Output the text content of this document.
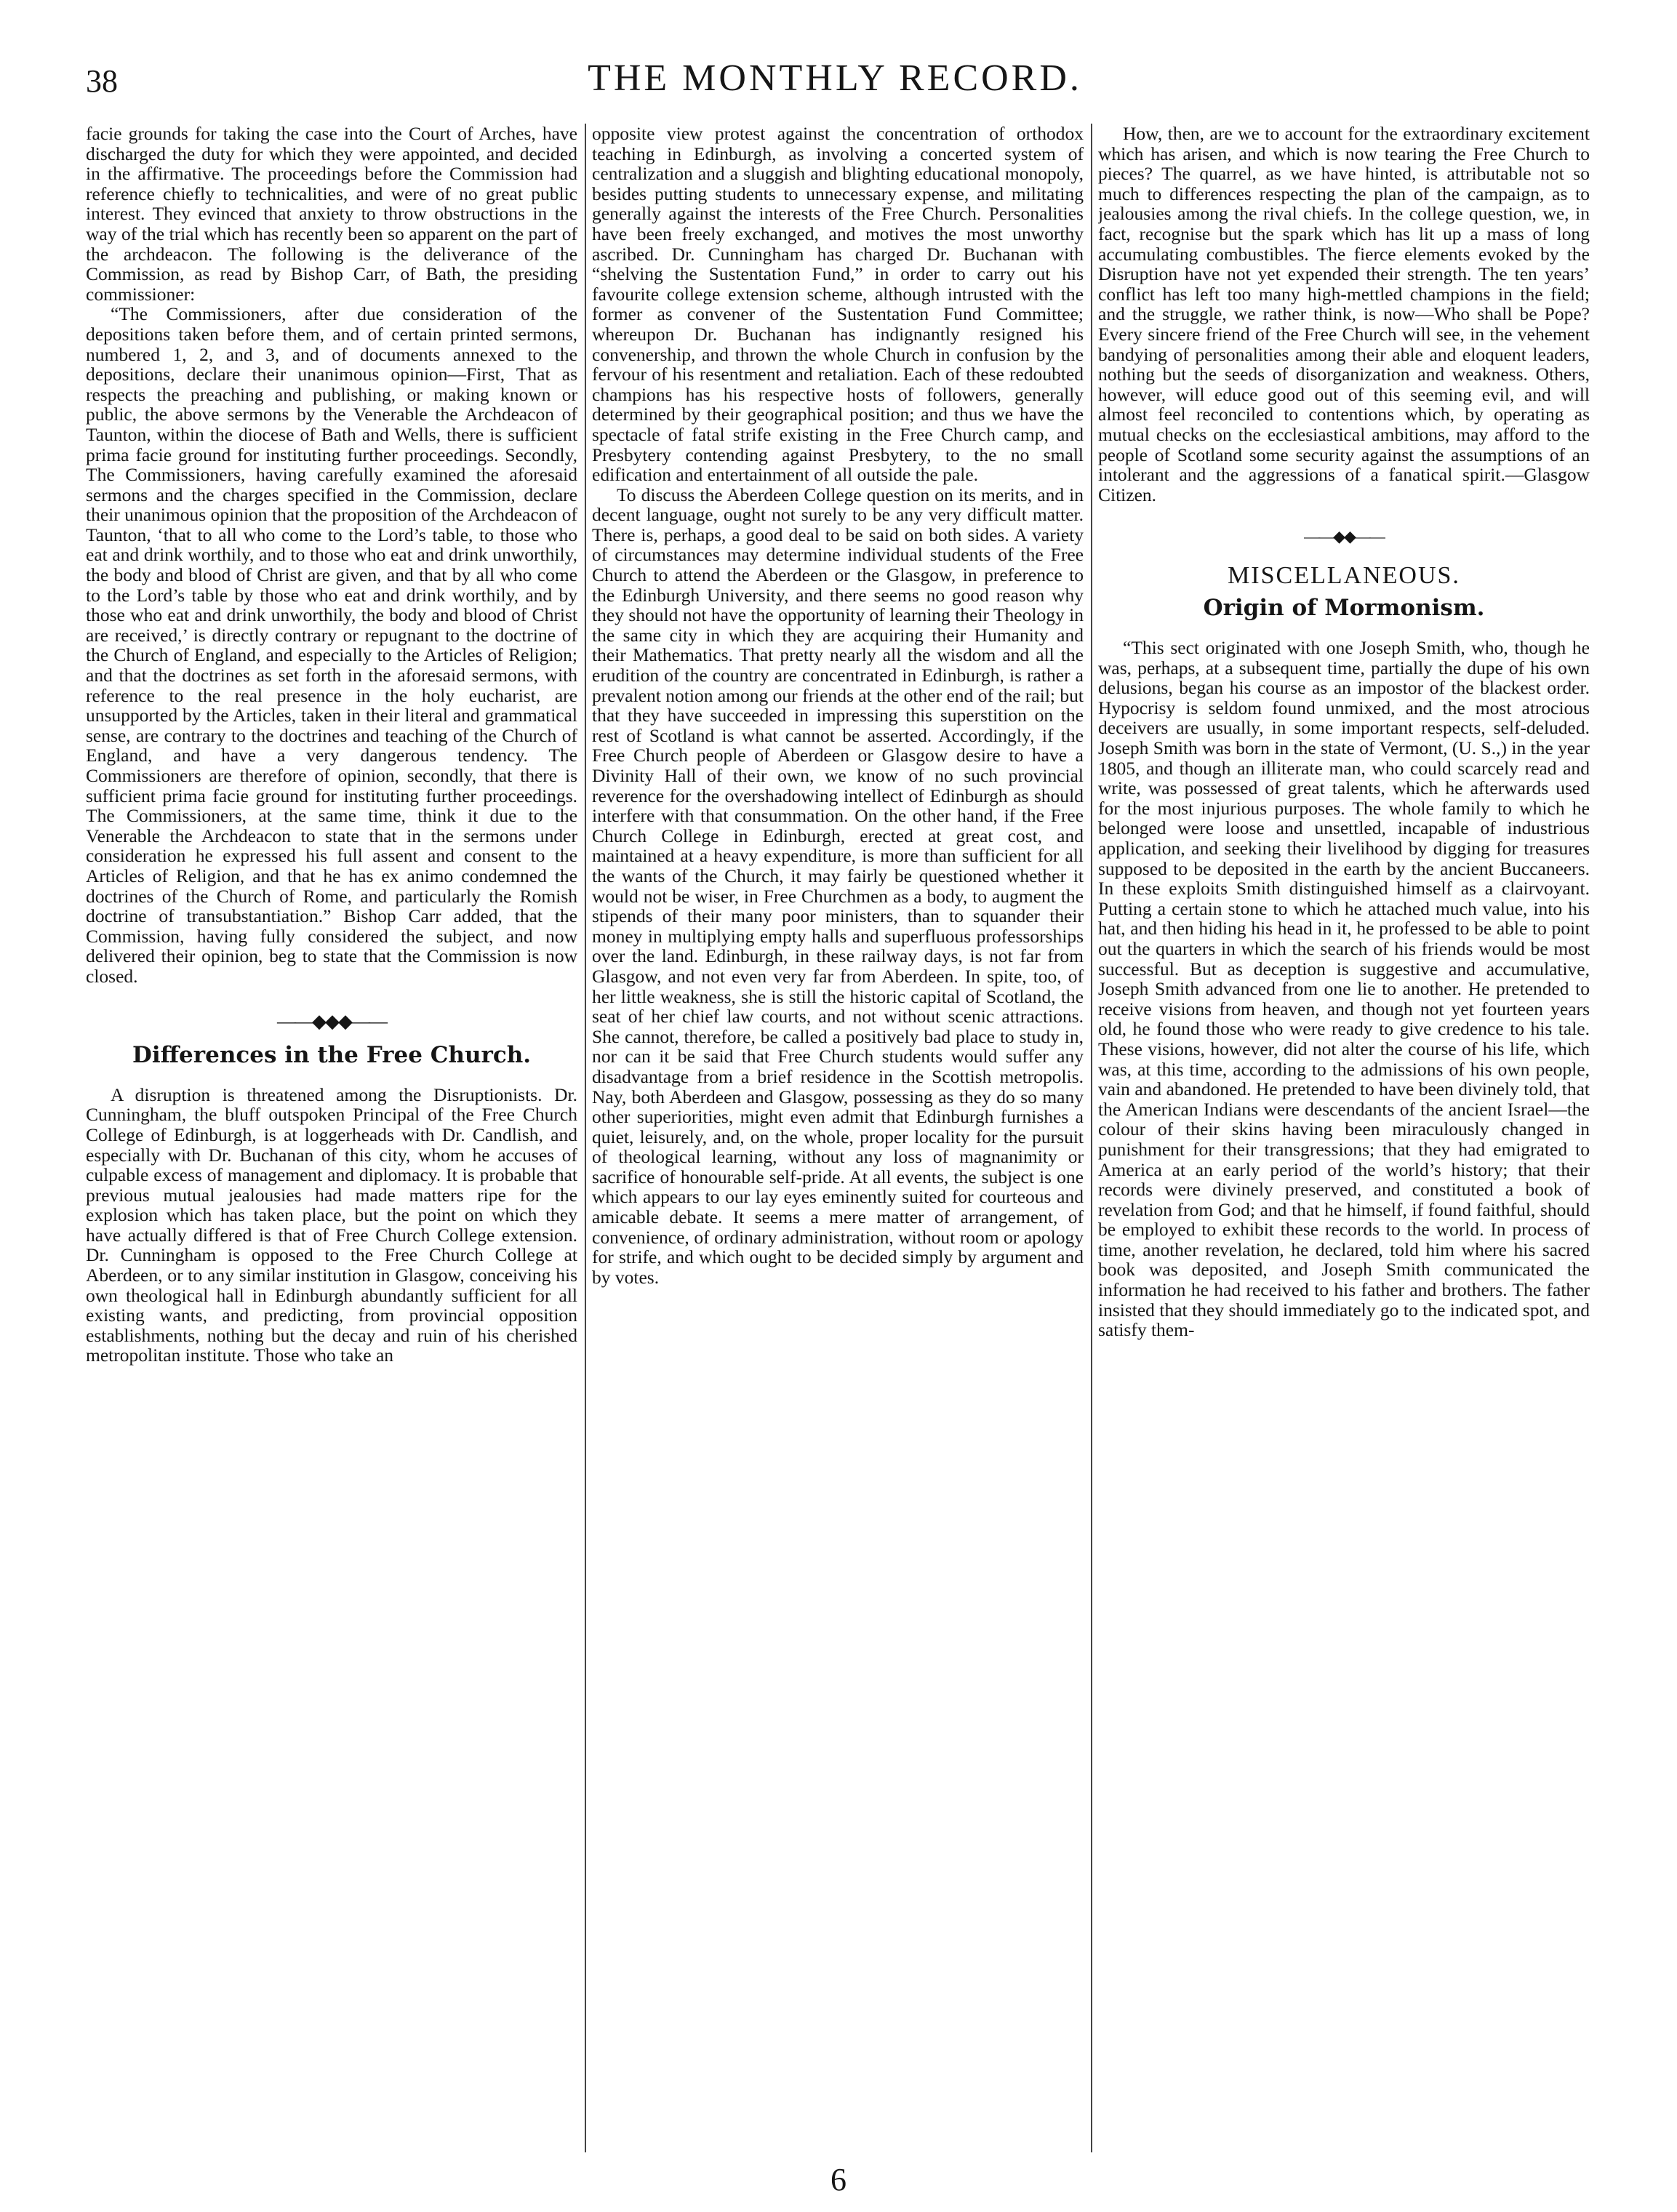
38	THE MONTHLY RECORD.

facie grounds for taking the case into the Court of Arches, have discharged the duty for which they were appointed, and decided in the affirmative. The proceedings before the Commission had reference chiefly to technicalities, and were of no great public interest. They evinced that anxiety to throw obstructions in the way of the trial which has recently been so apparent on the part of the archdeacon. The following is the deliverance of the Commission, as read by Bishop Carr, of Bath, the presiding commissioner:

“The Commissioners, after due consideration of the depositions taken before them, and of certain printed sermons, numbered 1, 2, and 3, and of documents annexed to the depositions, declare their unanimous opinion—First, That as respects the preaching and publishing, or making known or public, the above sermons by the Venerable the Archdeacon of Taunton, within the diocese of Bath and Wells, there is sufficient prima facie ground for instituting further proceedings. Secondly, The Commissioners, having carefully examined the aforesaid sermons and the charges specified in the Commission, declare their unanimous opinion that the proposition of the Archdeacon of Taunton, ‘that to all who come to the Lord’s table, to those who eat and drink worthily, and to those who eat and drink unworthily, the body and blood of Christ are given, and that by all who come to the Lord’s table by those who eat and drink worthily, and by those who eat and drink unworthily, the body and blood of Christ are received,’ is directly contrary or repugnant to the doctrine of the Church of England, and especially to the Articles of Religion; and that the doctrines as set forth in the aforesaid sermons, with reference to the real presence in the holy eucharist, are unsupported by the Articles, taken in their literal and grammatical sense, are contrary to the doctrines and teaching of the Church of England, and have a very dangerous tendency. The Commissioners are therefore of opinion, secondly, that there is sufficient prima facie ground for instituting further proceedings. The Commissioners, at the same time, think it due to the Venerable the Archdeacon to state that in the sermons under consideration he expressed his full assent and consent to the Articles of Religion, and that he has ex animo condemned the doctrines of the Church of Rome, and particularly the Romish doctrine of transubstantiation.” Bishop Carr added, that the Commission, having fully considered the subject, and now delivered their opinion, beg to state that the Commission is now closed.

——◆◆◆——
Differences in the Free Church.

A disruption is threatened among the Disruptionists. Dr. Cunningham, the bluff outspoken Principal of the Free Church College of Edinburgh, is at loggerheads with Dr. Candlish, and especially with Dr. Buchanan of this city, whom he accuses of culpable excess of management and diplomacy. It is probable that previous mutual jealousies had made matters ripe for the explosion which has taken place, but the point on which they have actually differed is that of Free Church College extension. Dr. Cunningham is opposed to the Free Church College at Aberdeen, or to any similar institution in Glasgow, conceiving his own theological hall in Edinburgh abundantly sufficient for all existing wants, and predicting, from provincial opposition establishments, nothing but the decay and ruin of his cherished metropolitan institute. Those who take an

opposite view protest against the concentration of orthodox teaching in Edinburgh, as involving a concerted system of centralization and a sluggish and blighting educational monopoly, besides putting students to unnecessary expense, and militating generally against the interests of the Free Church. Personalities have been freely exchanged, and motives the most unworthy ascribed. Dr. Cunningham has charged Dr. Buchanan with “shelving the Sustentation Fund,” in order to carry out his favourite college extension scheme, although intrusted with the former as convener of the Sustentation Fund Committee; whereupon Dr. Buchanan has indignantly resigned his convenership, and thrown the whole Church in confusion by the fervour of his resentment and retaliation. Each of these redoubted champions has his respective hosts of followers, generally determined by their geographical position; and thus we have the spectacle of fatal strife existing in the Free Church camp, and Presbytery contending against Presbytery, to the no small edification and entertainment of all outside the pale.

To discuss the Aberdeen College question on its merits, and in decent language, ought not surely to be any very difficult matter. There is, perhaps, a good deal to be said on both sides. A variety of circumstances may determine individual students of the Free Church to attend the Aberdeen or the Glasgow, in preference to the Edinburgh University, and there seems no good reason why they should not have the opportunity of learning their Theology in the same city in which they are acquiring their Humanity and their Mathematics. That pretty nearly all the wisdom and all the erudition of the country are concentrated in Edinburgh, is rather a prevalent notion among our friends at the other end of the rail; but that they have succeeded in impressing this superstition on the rest of Scotland is what cannot be asserted. Accordingly, if the Free Church people of Aberdeen or Glasgow desire to have a Divinity Hall of their own, we know of no such provincial reverence for the overshadowing intellect of Edinburgh as should interfere with that consummation. On the other hand, if the Free Church College in Edinburgh, erected at great cost, and maintained at a heavy expenditure, is more than sufficient for all the wants of the Church, it may fairly be questioned whether it would not be wiser, in Free Churchmen as a body, to augment the stipends of their many poor ministers, than to squander their money in multiplying empty halls and superfluous professorships over the land. Edinburgh, in these railway days, is not far from Glasgow, and not even very far from Aberdeen. In spite, too, of her little weakness, she is still the historic capital of Scotland, the seat of her chief law courts, and not without scenic attractions. She cannot, therefore, be called a positively bad place to study in, nor can it be said that Free Church students would suffer any disadvantage from a brief residence in the Scottish metropolis. Nay, both Aberdeen and Glasgow, possessing as they do so many other superiorities, might even admit that Edinburgh furnishes a quiet, leisurely, and, on the whole, proper locality for the pursuit of theological learning, without any loss of magnanimity or sacrifice of honourable self-pride. At all events, the subject is one which appears to our lay eyes eminently suited for courteous and amicable debate. It seems a mere matter of arrangement, of convenience, of ordinary administration, without room or apology for strife, and which ought to be decided simply by argument and by votes.

How, then, are we to account for the extraordinary excitement which has arisen, and which is now tearing the Free Church to pieces? The quarrel, as we have hinted, is attributable not so much to differences respecting the plan of the campaign, as to jealousies among the rival chiefs. In the college question, we, in fact, recognise but the spark which has lit up a mass of long accumulating combustibles. The fierce elements evoked by the Disruption have not yet expended their strength. The ten years’ conflict has left too many high-mettled champions in the field; and the struggle, we rather think, is now—Who shall be Pope? Every sincere friend of the Free Church will see, in the vehement bandying of personalities among their able and eloquent leaders, nothing but the seeds of disorganization and weakness. Others, however, will educe good out of this seeming evil, and will almost feel reconciled to contentions which, by operating as mutual checks on the ecclesiastical ambitions, may afford to the people of Scotland some security against the assumptions of an intolerant and the aggressions of a fanatical spirit.—Glasgow Citizen.

——◆◆——
MISCELLANEOUS.
Origin of Mormonism.

“This sect originated with one Joseph Smith, who, though he was, perhaps, at a subsequent time, partially the dupe of his own delusions, began his course as an impostor of the blackest order. Hypocrisy is seldom found unmixed, and the most atrocious deceivers are usually, in some important respects, self-deluded. Joseph Smith was born in the state of Vermont, (U. S.,) in the year 1805, and though an illiterate man, who could scarcely read and write, was possessed of great talents, which he afterwards used for the most injurious purposes. The whole family to which he belonged were loose and unsettled, incapable of industrious application, and seeking their livelihood by digging for treasures supposed to be deposited in the earth by the ancient Buccaneers. In these exploits Smith distinguished himself as a clairvoyant. Putting a certain stone to which he attached much value, into his hat, and then hiding his head in it, he professed to be able to point out the quarters in which the search of his friends would be most successful. But as deception is suggestive and accumulative, Joseph Smith advanced from one lie to another. He pretended to receive visions from heaven, and though not yet fourteen years old, he found those who were ready to give credence to his tale. These visions, however, did not alter the course of his life, which was, at this time, according to the admissions of his own people, vain and abandoned. He pretended to have been divinely told, that the American Indians were descendants of the ancient Israel—the colour of their skins having been miraculously changed in punishment for their transgressions; that they had emigrated to America at an early period of the world’s history; that their records were divinely preserved, and constituted a book of revelation from God; and that he himself, if found faithful, should be employed to exhibit these records to the world. In process of time, another revelation, he declared, told him where his sacred book was deposited, and Joseph Smith communicated the information he had received to his father and brothers. The father insisted that they should immediately go to the indicated spot, and satisfy them-

6
